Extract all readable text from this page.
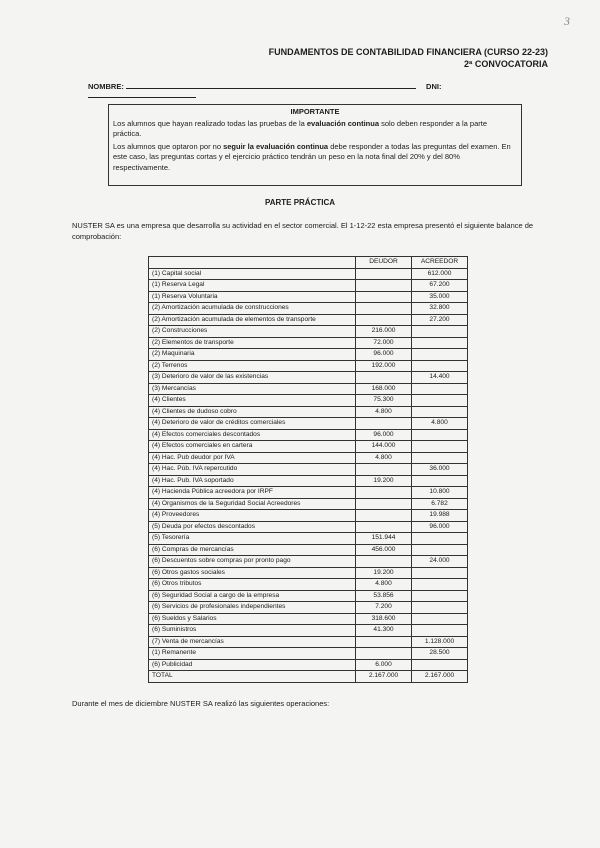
3
FUNDAMENTOS DE CONTABILIDAD FINANCIERA (CURSO 22-23)
2ª CONVOCATORIA
NOMBRE:	DNI:
IMPORTANTE

Los alumnos que hayan realizado todas las pruebas de la evaluación continua solo deben responder a la parte práctica.

Los alumnos que optaron por no seguir la evaluación continua debe responder a todas las preguntas del examen. En este caso, las preguntas cortas y el ejercicio práctico tendrán un peso en la nota final del 20% y del 80% respectivamente.

PARTE PRÁCTICA
NUSTER SA es una empresa que desarrolla su actividad en el sector comercial. El 1-12-22 esta empresa presentó el siguiente balance de comprobación:
	DEUDOR	ACREEDOR
(1) Capital social		612.000
(1) Reserva Legal		67.200
(1) Reserva Voluntaria		35.000
(2) Amortización acumulada de construcciones		32.800
(2) Amortización acumulada de elementos de transporte		27.200
(2) Construcciones	216.000	
(2) Elementos de transporte	72.000	
(2) Maquinaria	96.000	
(2) Terrenos	192.000	
(3) Deterioro de valor de las existencias		14.400
(3) Mercancías	168.000	
(4) Clientes	75.300	
(4) Clientes de dudoso cobro	4.800	
(4) Deterioro de valor de créditos comerciales		4.800
(4) Efectos comerciales descontados	96.000	
(4) Efectos comerciales en cartera	144.000	
(4) Hac. Pub deudor por IVA	4.800	
(4) Hac. Púb. IVA repercutido		36.000
(4) Hac. Pub. IVA soportado	19.200	
(4) Hacienda Pública acreedora por IRPF		10.800
(4) Organismos de la Seguridad Social Acreedores		6.782
(4) Proveedores		19.988
(5) Deuda por efectos descontados		96.000
(5) Tesorería	151.944	
(6) Compras de mercancías	456.000	
(6) Descuentos sobre compras por pronto pago		24.000
(6) Otros gastos sociales	19.200	
(6) Otros tributos	4.800	
(6) Seguridad Social a cargo de la empresa	53.856	
(6) Servicios de profesionales independientes	7.200	
(6) Sueldos y Salarios	318.600	
(6) Suministros	41.300	
(7) Venta de mercancías		1.128.000
(1) Remanente		28.500
(6) Publicidad	6.000	
TOTAL	2.167.000	2.167.000
Durante el mes de diciembre NUSTER SA realizó las siguientes operaciones:
